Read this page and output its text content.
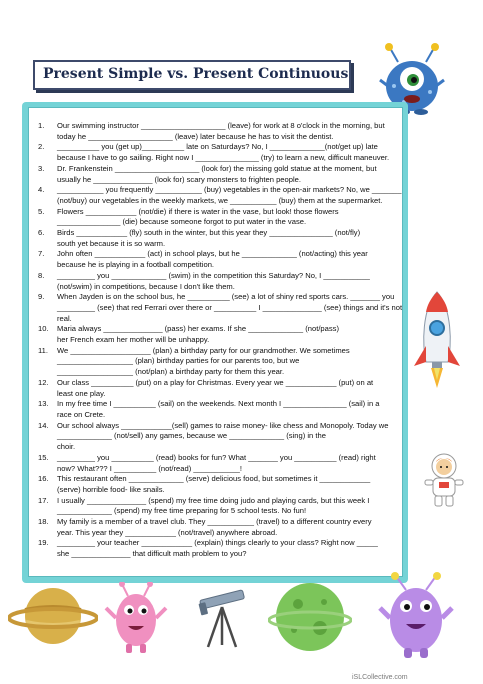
Present Simple vs. Present Continuous
1.	Our swimming instructor ____________________ (leave) for work at 8 o'clock in the morning, but
today he ____________________ (leave) later because he has to visit the dentist.
2.	__________ you (get up)__________ late on Saturdays? No, I _____________(not/get up) late
because I have to go sailing. Right now I _______________ (try) to learn a new, difficult maneuver.
3.	Dr. Frankenstein ____________________ (look for) the missing gold statue at the moment, but
usually he ______________ (look for) scary monsters to frighten people.
4.	___________ you frequently ___________ (buy) vegetables in the open-air markets? No, we _______
(not/buy) our vegetables in the weekly markets, we ___________ (buy) them at the supermarket.
5.	Flowers ____________ (not/die) if there is water in the vase, but look! those flowers
_______________ (die) because someone forgot to put water in the vase.
6.	Birds ____________ (fly) south in the winter, but this year they _______________ (not/fly)
south yet because it is so warm.
7.	John often ____________ (act) in school plays, but he _____________ (not/acting) this year
because he is playing in a football competition.
8.	_________ you _____________ (swim) in the competition this Saturday? No, I ___________
(not/swim) in competitions, because I don't like them.
9.	When Jayden is on the school bus, he __________ (see) a lot of shiny red sports cars. _______ you
_________ (see) that red Ferrari over there or __________ I ______________ (see) things and it's not
real.
10.	Maria always ______________ (pass) her exams. If she _____________ (not/pass)
her French exam her mother will be unhappy.
11.	We ___________________ (plan) a birthday party for our grandmother. We sometimes
__________________ (plan) birthday parties for our parents too, but we
__________________ (not/plan) a birthday party for them this year.
12.	Our class __________ (put) on a play for Christmas. Every year we ____________ (put) on at
least one play.
13.	In my free time I __________ (sail) on the weekends. Next month I _______________ (sail) in a
race on Crete.
14.	Our school always ____________(sell) games to raise money- like chess and Monopoly. Today we
_____________ (not/sell) any games, because we _____________ (sing) in the
choir.
15.	_________ you __________ (read) books for fun? What _______ you __________ (read) right
now? What??? I __________ (not/read) ___________!
16.	This restaurant often _____________ (serve) delicious food, but sometimes it ____________
(serve) horrible food- like snails.
17.	I usually ______________ (spend) my free time doing judo and playing cards, but this week I
_____________ (spend) my free time preparing for 5 school tests. No fun!
18.	My family is a member of a travel club. They ___________ (travel) to a different country every
year. This year they ____________ (not/travel) anywhere abroad.
19.	_________ your teacher ____________ (explain) things clearly to your class? Right now _____
she ______________ that difficult math problem to you?
iSLCollective.com
